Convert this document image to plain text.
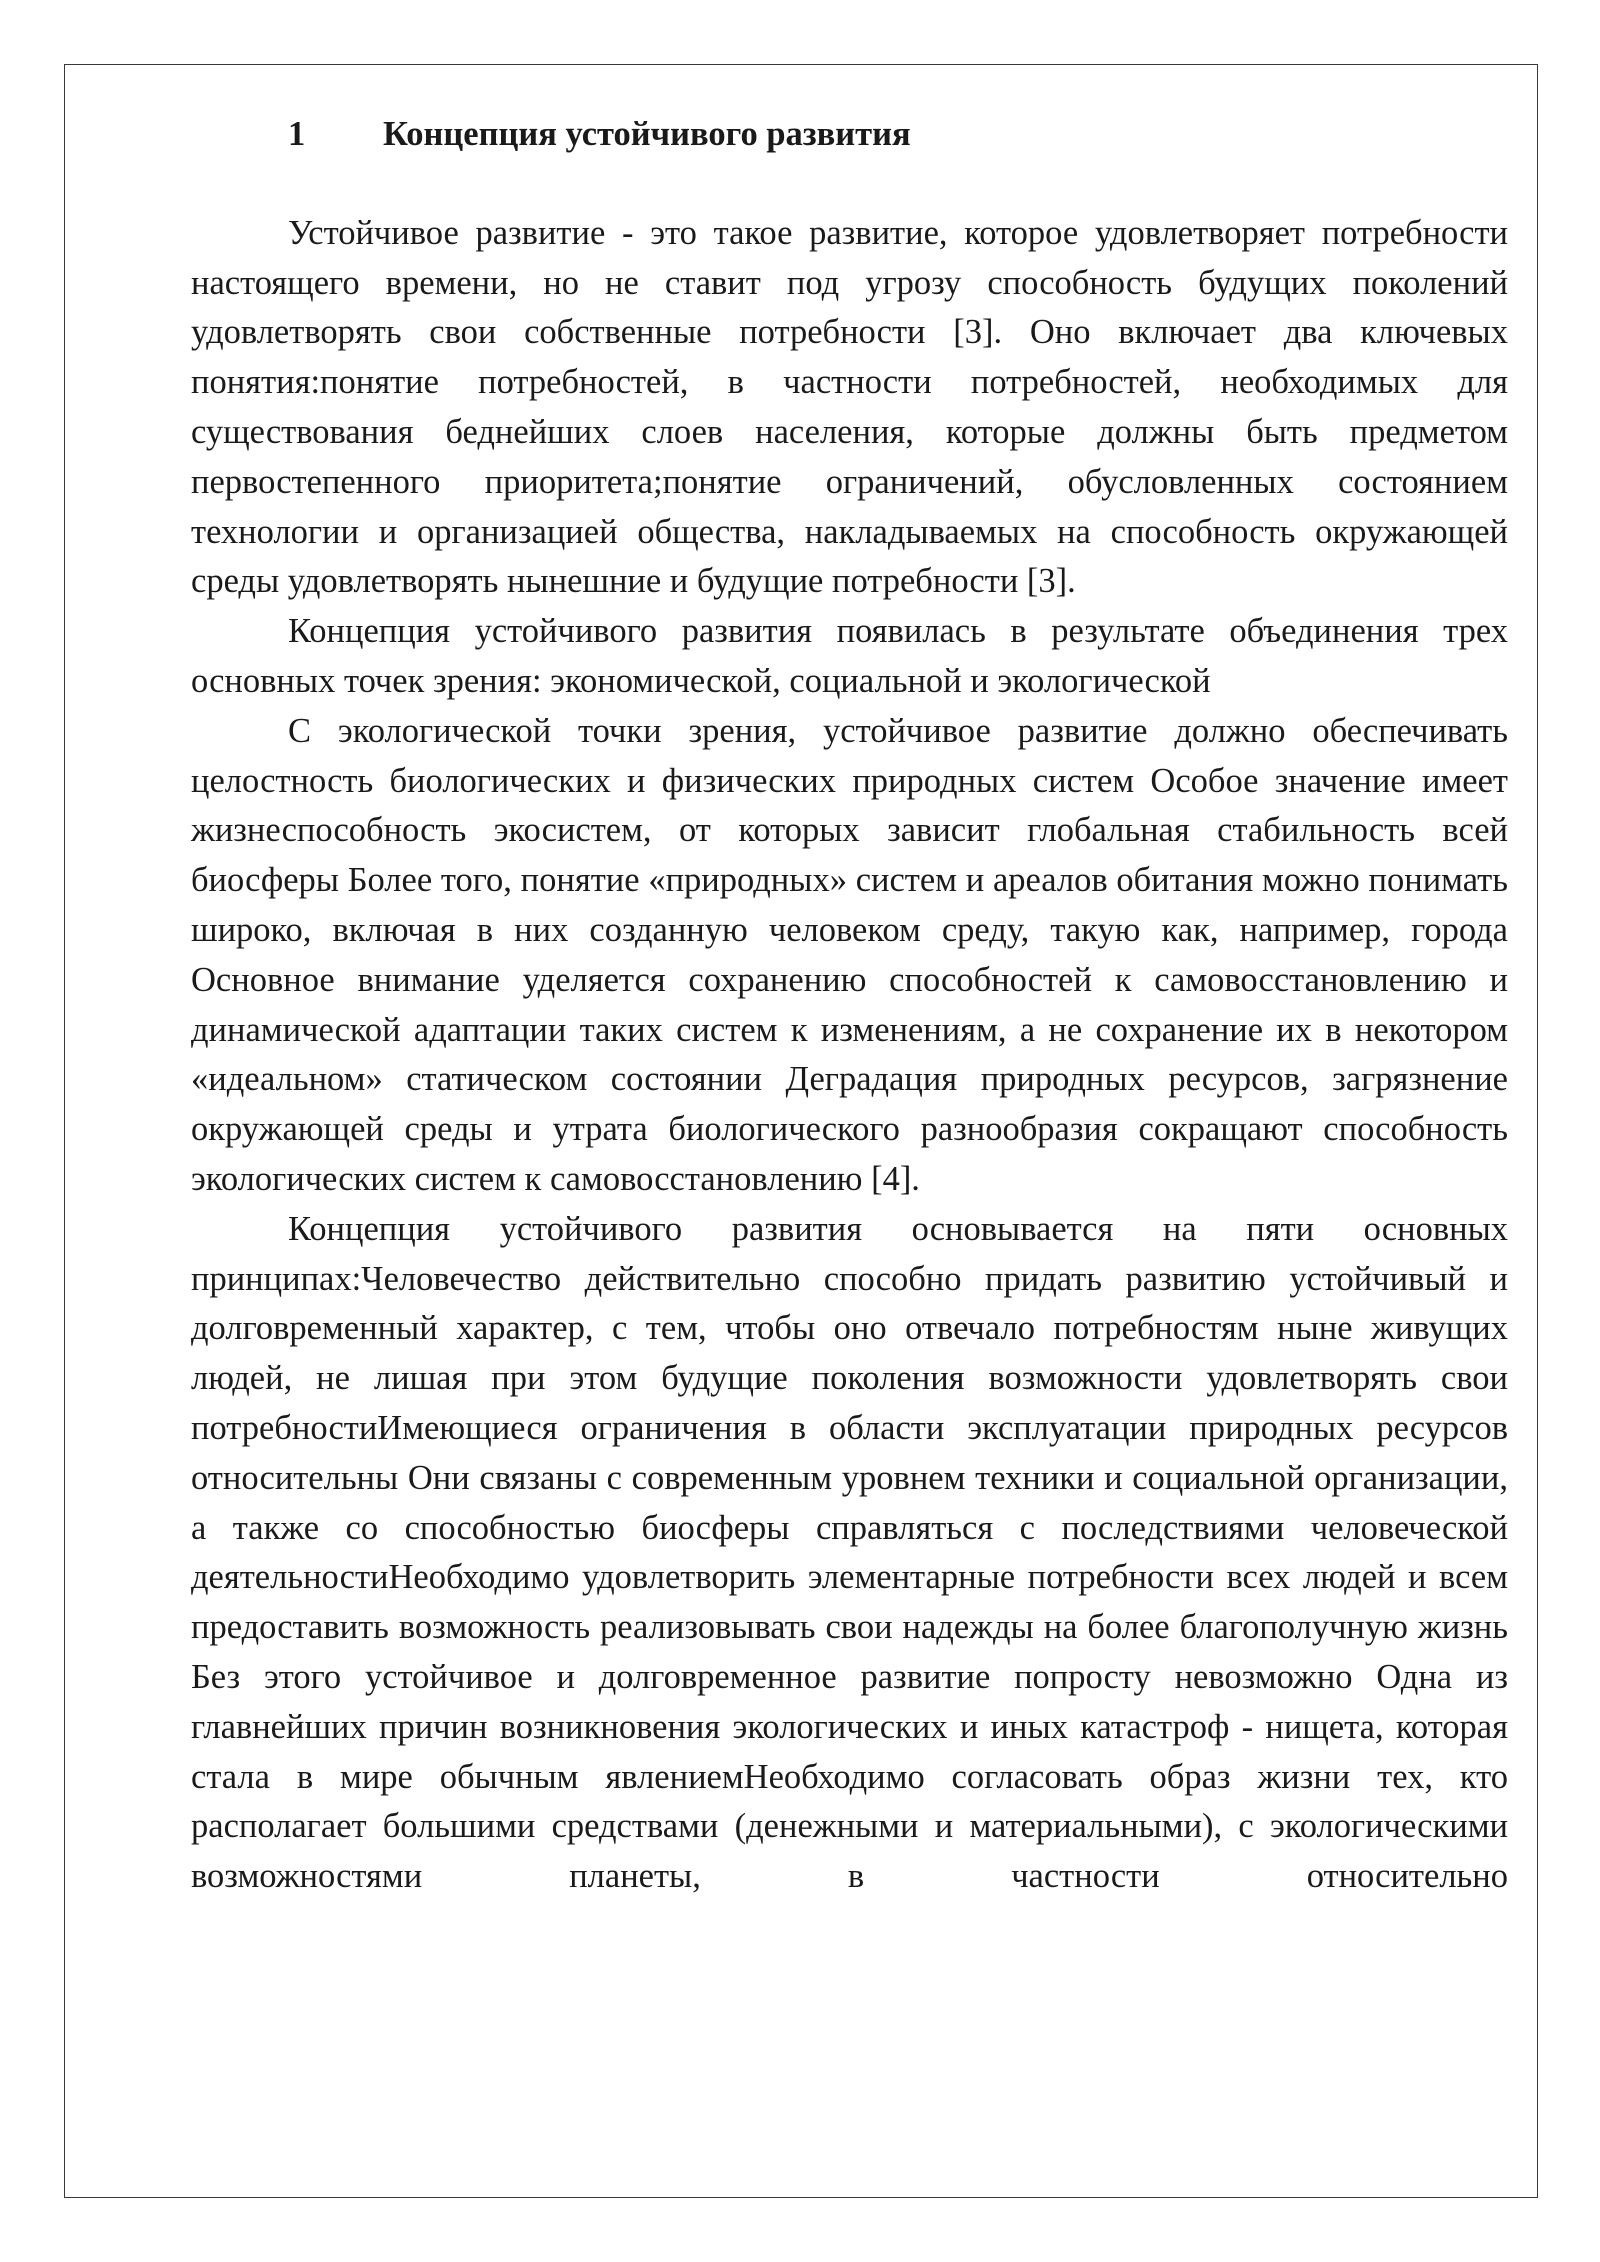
1	Концепция устойчивого развития

Устойчивое развитие - это такое развитие, которое удовлетворяет потребности настоящего времени, но не ставит под угрозу способность будущих поколений удовлетворять свои собственные потребности [3]. Оно включает два ключевых понятия:понятие потребностей, в частности потребностей, необходимых для существования беднейших слоев населения, которые должны быть предметом первостепенного приоритета;понятие ограничений, обусловленных состоянием технологии и организацией общества, накладываемых на способность окружающей среды удовлетворять нынешние и будущие потребности [3].

Концепция устойчивого развития появилась в результате объединения трех основных точек зрения: экономической, социальной и экологической

С экологической точки зрения, устойчивое развитие должно обеспечивать целостность биологических и физических природных систем Особое значение имеет жизнеспособность экосистем, от которых зависит глобальная стабильность всей биосферы Более того, понятие «природных» систем и ареалов обитания можно понимать широко, включая в них созданную человеком среду, такую как, например, города Основное внимание уделяется сохранению способностей к самовосстановлению и динамической адаптации таких систем к изменениям, а не сохранение их в некотором «идеальном» статическом состоянии Деградация природных ресурсов, загрязнение окружающей среды и утрата биологического разнообразия сокращают способность экологических систем к самовосстановлению [4].

Концепция устойчивого развития основывается на пяти основных принципах:Человечество действительно способно придать развитию устойчивый и долговременный характер, с тем, чтобы оно отвечало потребностям ныне живущих людей, не лишая при этом будущие поколения возможности удовлетворять свои потребностиИмеющиеся ограничения в области эксплуатации природных ресурсов относительны Они связаны с современным уровнем техники и социальной организации, а также со способностью биосферы справляться с последствиями человеческой деятельностиНеобходимо удовлетворить элементарные потребности всех людей и всем предоставить возможность реализовывать свои надежды на более благополучную жизнь Без этого устойчивое и долговременное развитие попросту невозможно Одна из главнейших причин возникновения экологических и иных катастроф - нищета, которая стала в мире обычным явлениемНеобходимо согласовать образ жизни тех, кто располагает большими средствами (денежными и материальными), с экологическими возможностями планеты, в частности относительно
